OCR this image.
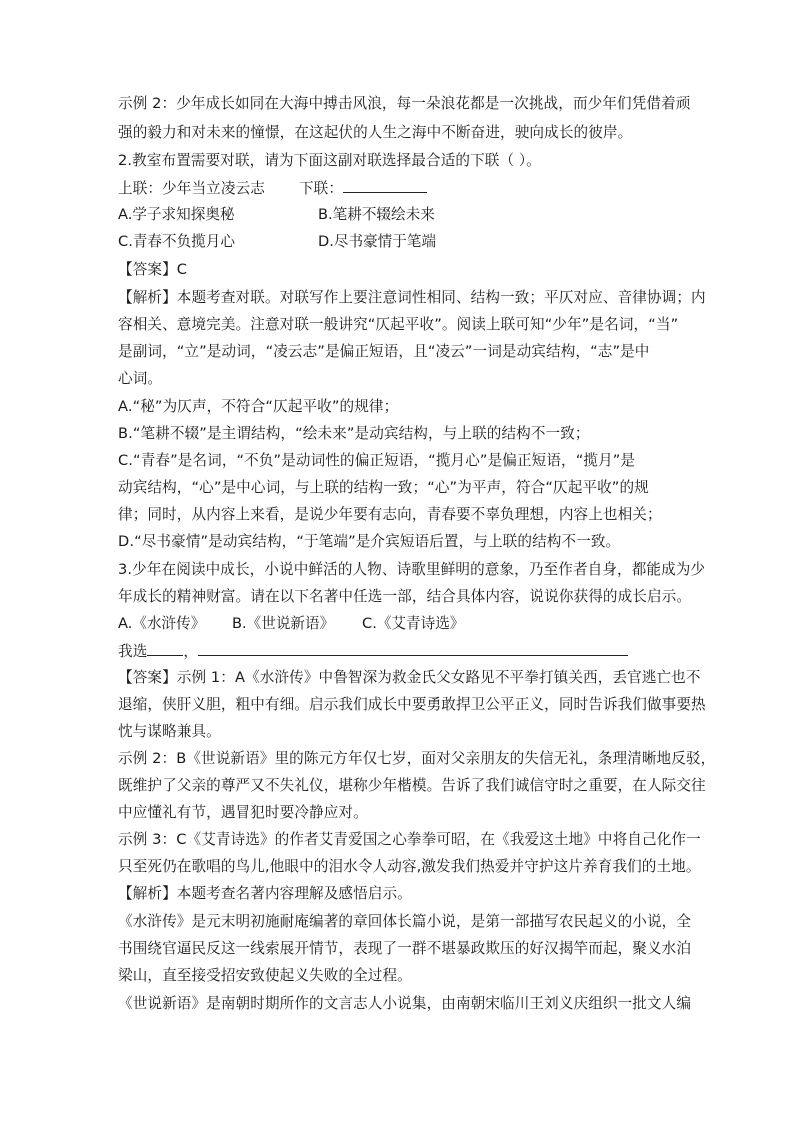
示例 2：少年成长如同在大海中搏击风浪，每一朵浪花都是一次挑战，而少年们凭借着顽
强的毅力和对未来的憧憬，在这起伏的人生之海中不断奋进，驶向成长的彼岸。
2.教室布置需要对联，请为下面这副对联选择最合适的下联（ ）。
上联：少年当立凌云志 下联：
A.学子求知探奥秘	B.笔耕不辍绘未来
C.青春不负揽月心	D.尽书豪情于笔端
【答案】C
【解析】本题考查对联。对联写作上要注意词性相同、结构一致；平仄对应、音律协调；内
容相关、意境完美。注意对联一般讲究“仄起平收”。阅读上联可知“少年”是名词，“当”
是副词，“立”是动词，“凌云志”是偏正短语，且“凌云”一词是动宾结构，“志”是中
心词。
A.“秘”为仄声，不符合“仄起平收”的规律；
B.“笔耕不辍”是主谓结构，“绘未来”是动宾结构，与上联的结构不一致；
C.“青春”是名词，“不负”是动词性的偏正短语，“揽月心”是偏正短语，“揽月”是
动宾结构，“心”是中心词，与上联的结构一致；“心”为平声，符合“仄起平收”的规
律；同时，从内容上来看，是说少年要有志向，青春要不辜负理想，内容上也相关；
D.“尽书豪情”是动宾结构，“于笔端”是介宾短语后置，与上联的结构不一致。
3.少年在阅读中成长，小说中鲜活的人物、诗歌里鲜明的意象，乃至作者自身，都能成为少
年成长的精神财富。请在以下名著中任选一部，结合具体内容，说说你获得的成长启示。
A.《水浒传》 B.《世说新语》 C.《艾青诗选》
我选 ，
【答案】示例 1：A《水浒传》中鲁智深为救金氏父女路见不平拳打镇关西，丢官逃亡也不
退缩，侠肝义胆，粗中有细。启示我们成长中要勇敢捍卫公平正义，同时告诉我们做事要热
忱与谋略兼具。
示例 2：B《世说新语》里的陈元方年仅七岁，面对父亲朋友的失信无礼，条理清晰地反驳，
既维护了父亲的尊严又不失礼仪，堪称少年楷模。告诉了我们诚信守时之重要，在人际交往
中应懂礼有节，遇冒犯时要冷静应对。
示例 3：C《艾青诗选》的作者艾青爱国之心拳拳可昭，在《我爱这土地》中将自己化作一
只至死仍在歌唱的鸟儿,他眼中的泪水令人动容,激发我们热爱并守护这片养育我们的土地。
【解析】本题考查名著内容理解及感悟启示。
《水浒传》是元末明初施耐庵编著的章回体长篇小说，是第一部描写农民起义的小说，全
书围绕官逼民反这一线索展开情节，表现了一群不堪暴政欺压的好汉揭竿而起，聚义水泊
梁山，直至接受招安致使起义失败的全过程。
《世说新语》是南朝时期所作的文言志人小说集，由南朝宋临川王刘义庆组织一批文人编
